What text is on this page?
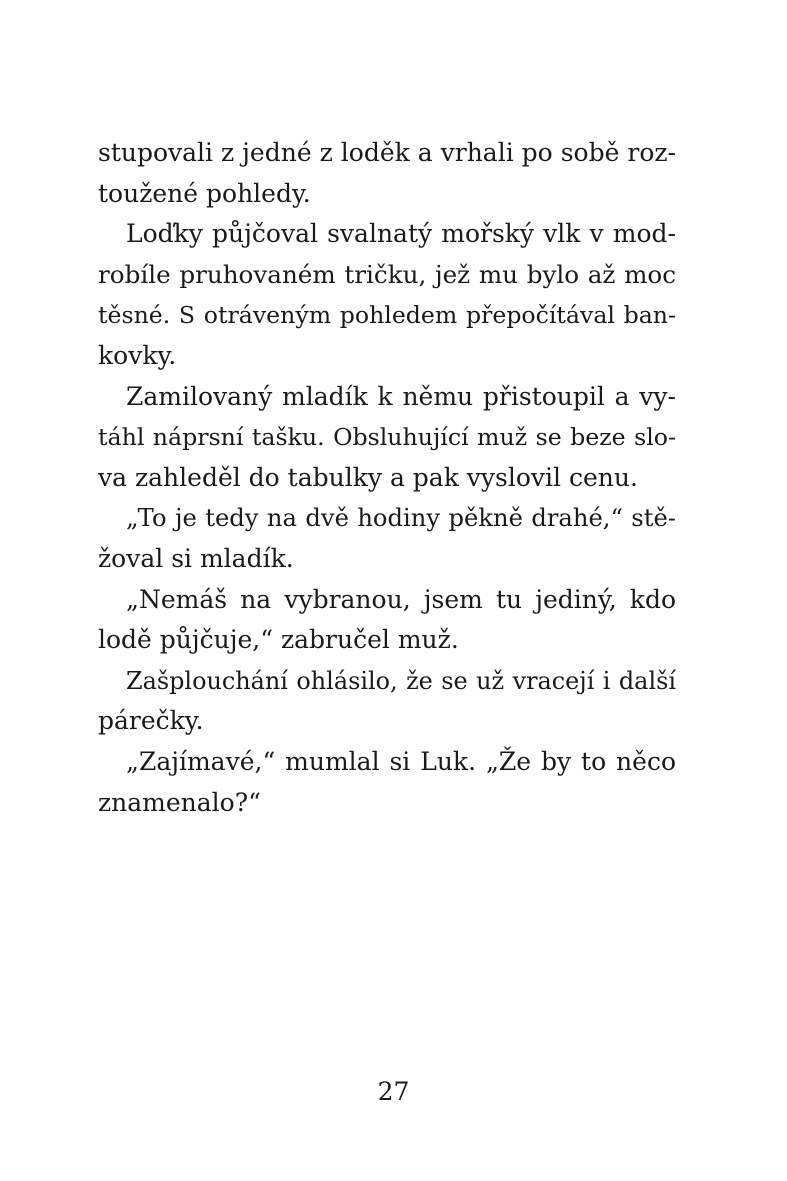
stupovali z jedné z loděk a vrhali po sobě roz-
toužené pohledy.
Loďky půjčoval svalnatý mořský vlk v mod-
robíle pruhovaném tričku, jež mu bylo až moc
těsné. S otráveným pohledem přepočítával ban-
kovky.
Zamilovaný mladík k němu přistoupil a vy-
táhl náprsní tašku. Obsluhující muž se beze slo-
va zahleděl do tabulky a pak vyslovil cenu.
„To je tedy na dvě hodiny pěkně drahé,“ stě-
žoval si mladík.
„Nemáš na vybranou, jsem tu jediný, kdo
lodě půjčuje,“ zabručel muž.
Zašplouchání ohlásilo, že se už vracejí i další
párečky.
„Zajímavé,“ mumlal si Luk. „Že by to něco
znamenalo?“
27
